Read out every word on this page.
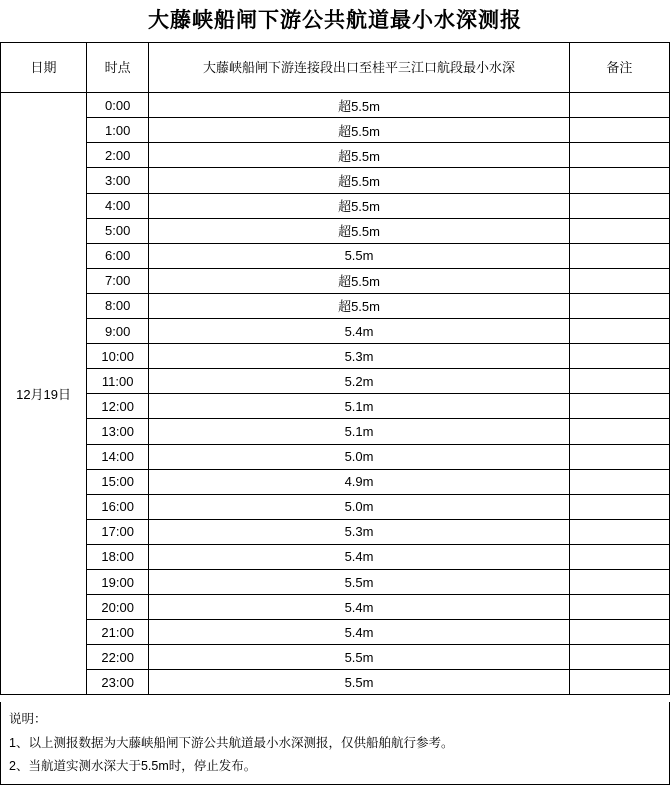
大藤峡船闸下游公共航道最小水深测报
日期	时点	大藤峡船闸下游连接段出口至桂平三江口航段最小水深	备注
12月19日	0:00	超5.5m	
	1:00	超5.5m	
	2:00	超5.5m	
	3:00	超5.5m	
	4:00	超5.5m	
	5:00	超5.5m	
	6:00	5.5m	
	7:00	超5.5m	
	8:00	超5.5m	
	9:00	5.4m	
	10:00	5.3m	
	11:00	5.2m	
	12:00	5.1m	
	13:00	5.1m	
	14:00	5.0m	
	15:00	4.9m	
	16:00	5.0m	
	17:00	5.3m	
	18:00	5.4m	
	19:00	5.5m	
	20:00	5.4m	
	21:00	5.4m	
	22:00	5.5m	
	23:00	5.5m	
说明：
1、以上测报数据为大藤峡船闸下游公共航道最小水深测报，仅供船舶航行参考。
2、当航道实测水深大于5.5m时，停止发布。
